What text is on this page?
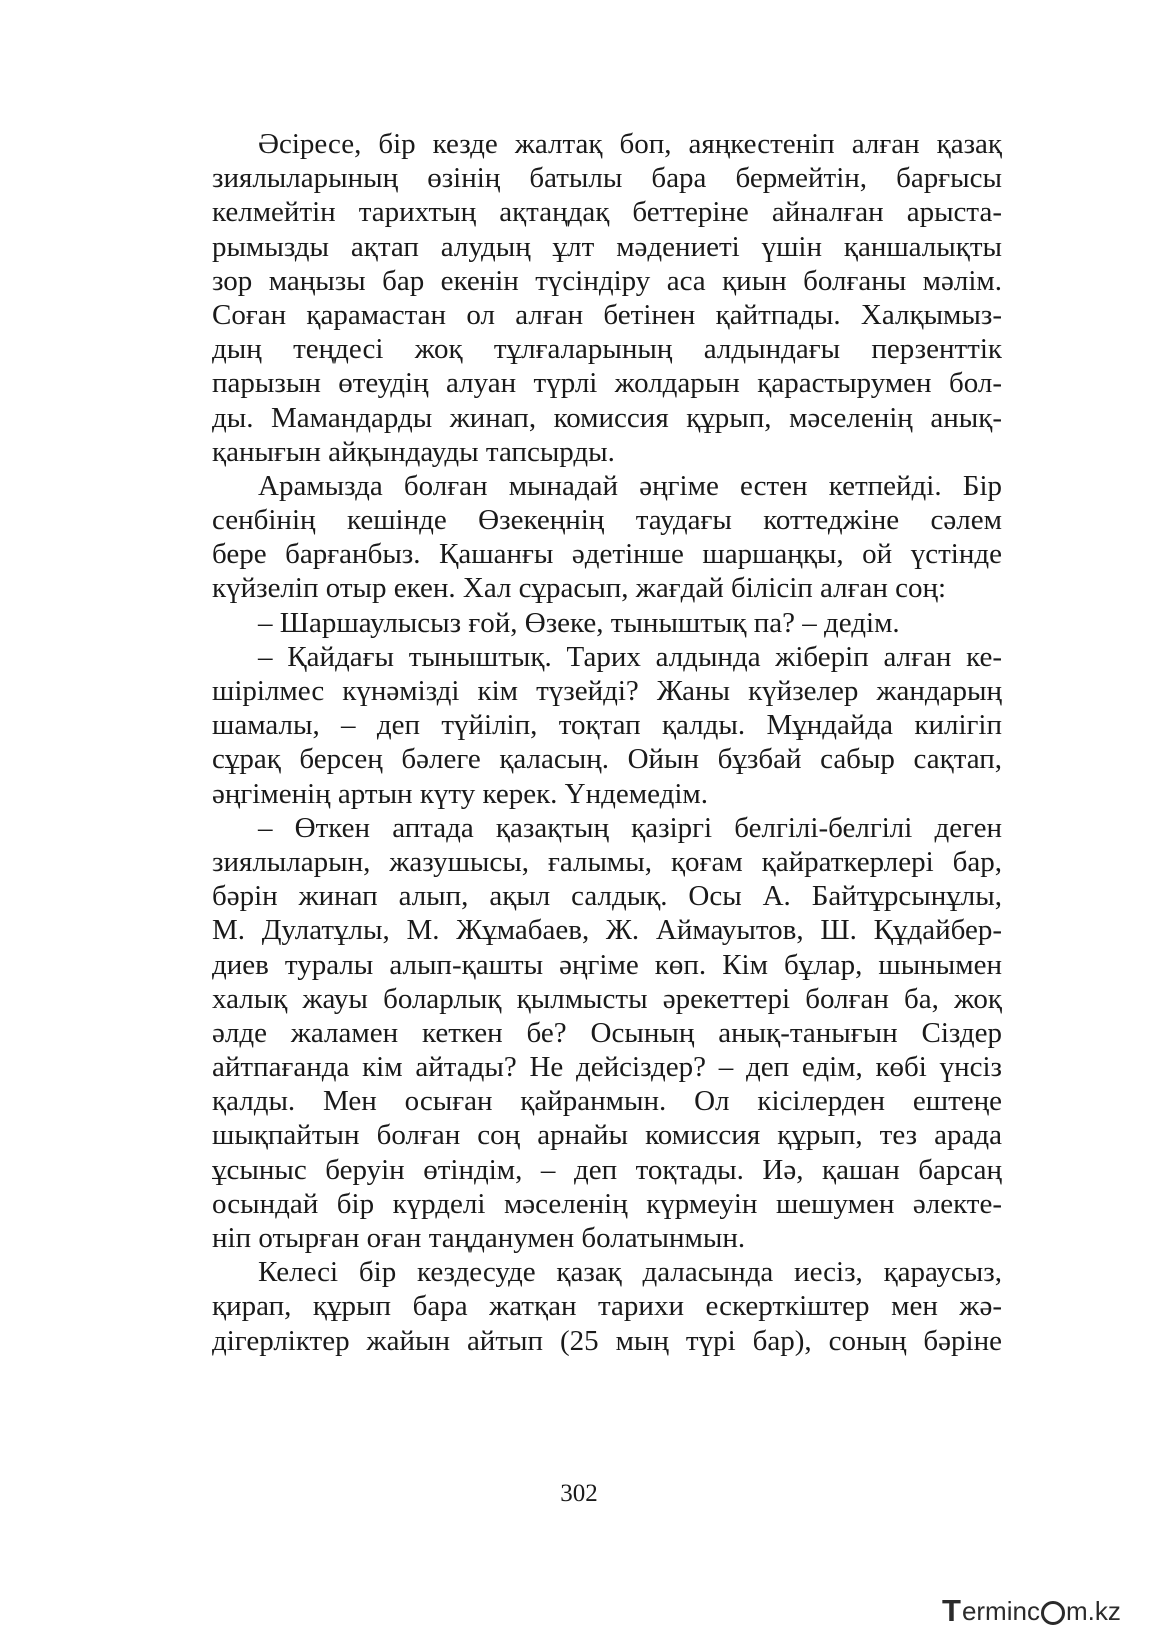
Әсіресе, бір кезде жалтақ боп, аяңкестеніп алған қазақ
зиялыларының өзінің батылы бара бермейтін, барғысы
келмейтін тарихтың ақтаңдақ беттеріне айналған арыста-
рымызды ақтап алудың ұлт мәдениеті үшін қаншалықты
зор маңызы бар екенін түсіндіру аса қиын болғаны мәлім.
Соған қарамастан ол алған бетінен қайтпады. Халқымыз-
дың теңдесі жоқ тұлғаларының алдындағы перзенттік
парызын өтеудің алуан түрлі жолдарын қарастырумен бол-
ды. Мамандарды жинап, комиссия құрып, мәселенің анық-
қанығын айқындауды тапсырды.
Арамызда болған мынадай әңгіме естен кетпейді. Бір
сенбінің кешінде Өзекеңнің таудағы коттеджіне сәлем
бере барғанбыз. Қашанғы әдетінше шаршаңқы, ой үстінде
күйзеліп отыр екен. Хал сұрасып, жағдай білісіп алған соң:
– Шаршаулысыз ғой, Өзеке, тыныштық па? – дедім.
– Қайдағы тыныштық. Тарих алдында жіберіп алған ке-
шірілмес күнәмізді кім түзейді? Жаны күйзелер жандарың
шамалы, – деп түйіліп, тоқтап қалды. Мұндайда килігіп
сұрақ берсең бәлеге қаласың. Ойын бұзбай сабыр сақтап,
әңгіменің артын күту керек. Үндемедім.
– Өткен аптада қазақтың қазіргі белгілі-белгілі деген
зиялыларын, жазушысы, ғалымы, қоғам қайраткерлері бар,
бәрін жинап алып, ақыл салдық. Осы А. Байтұрсынұлы,
М. Дулатұлы, М. Жұмабаев, Ж. Аймауытов, Ш. Құдайбер-
диев туралы алып-қашты әңгіме көп. Кім бұлар, шынымен
халық жауы боларлық қылмысты әрекеттері болған ба, жоқ
әлде жаламен кеткен бе? Осының анық-танығын Сіздер
айтпағанда кім айтады? Не дейсіздер? – деп едім, көбі үнсіз
қалды. Мен осыған қайранмын. Ол кісілерден ештеңе
шықпайтын болған соң арнайы комиссия құрып, тез арада
ұсыныс беруін өтіндім, – деп тоқтады. Иә, қашан барсаң
осындай бір күрделі мәселенің күрмеуін шешумен әлекте-
ніп отырған оған таңданумен болатынмын.
Келесі бір кездесуде қазақ даласында иесіз, қараусыз,
қирап, құрып бара жатқан тарихи ескерткіштер мен жә-
дігерліктер жайын айтып (25 мың түрі бар), соның бәріне
302
T erminc m.kz
